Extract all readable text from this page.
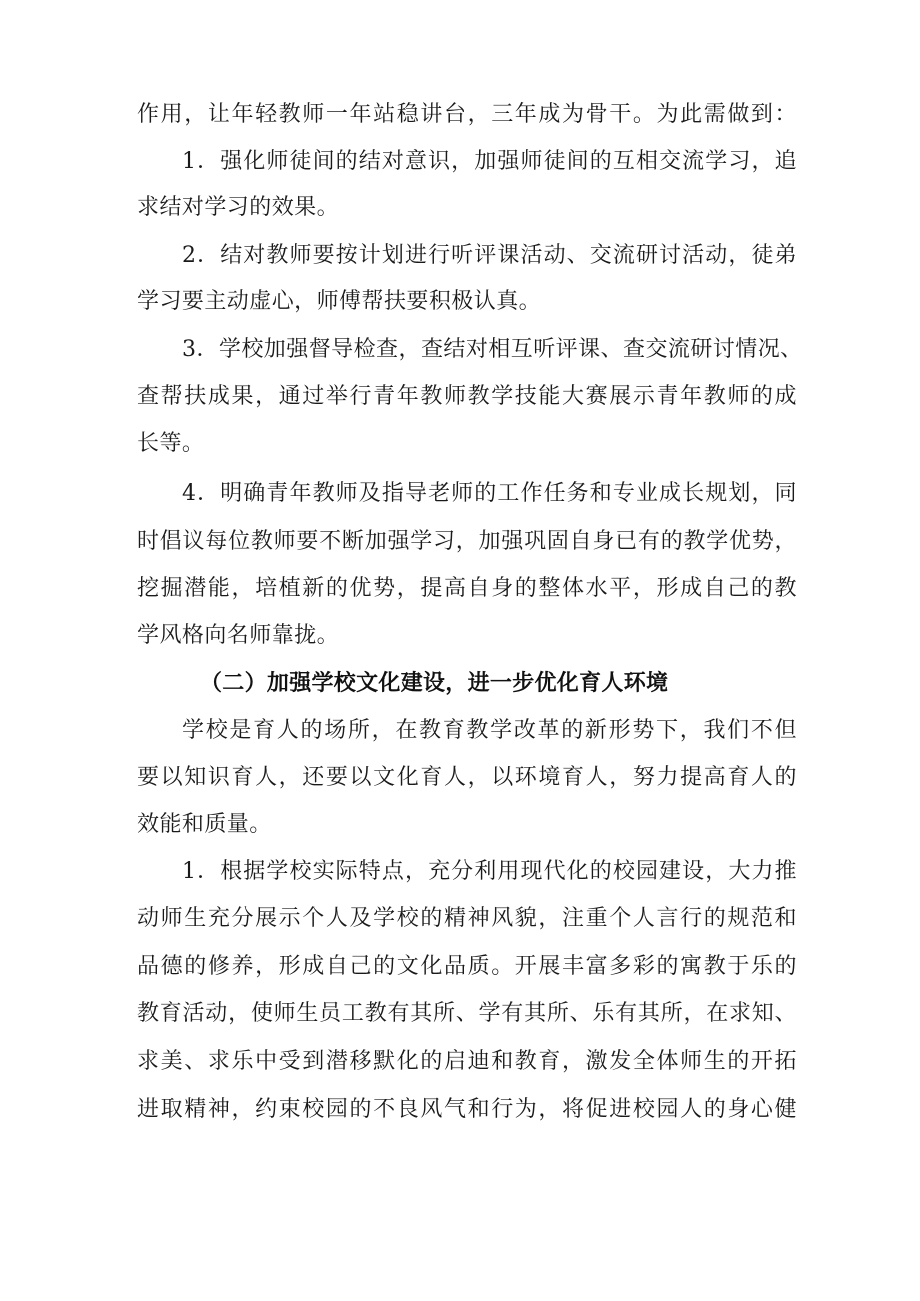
作用，让年轻教师一年站稳讲台，三年成为骨干。为此需做到：
1．强化师徒间的结对意识，加强师徒间的互相交流学习，追
求结对学习的效果。
2．结对教师要按计划进行听评课活动、交流研讨活动，徒弟
学习要主动虚心，师傅帮扶要积极认真。
3．学校加强督导检查，查结对相互听评课、查交流研讨情况、
查帮扶成果，通过举行青年教师教学技能大赛展示青年教师的成
长等。
4．明确青年教师及指导老师的工作任务和专业成长规划，同
时倡议每位教师要不断加强学习，加强巩固自身已有的教学优势，
挖掘潜能，培植新的优势，提高自身的整体水平，形成自己的教
学风格向名师靠拢。
（二）加强学校文化建设，进一步优化育人环境
学校是育人的场所，在教育教学改革的新形势下，我们不但
要以知识育人，还要以文化育人，以环境育人，努力提高育人的
效能和质量。
1．根据学校实际特点，充分利用现代化的校园建设，大力推
动师生充分展示个人及学校的精神风貌，注重个人言行的规范和
品德的修养，形成自己的文化品质。开展丰富多彩的寓教于乐的
教育活动，使师生员工教有其所、学有其所、乐有其所，在求知、
求美、求乐中受到潜移默化的启迪和教育，激发全体师生的开拓
进取精神，约束校园的不良风气和行为，将促进校园人的身心健
